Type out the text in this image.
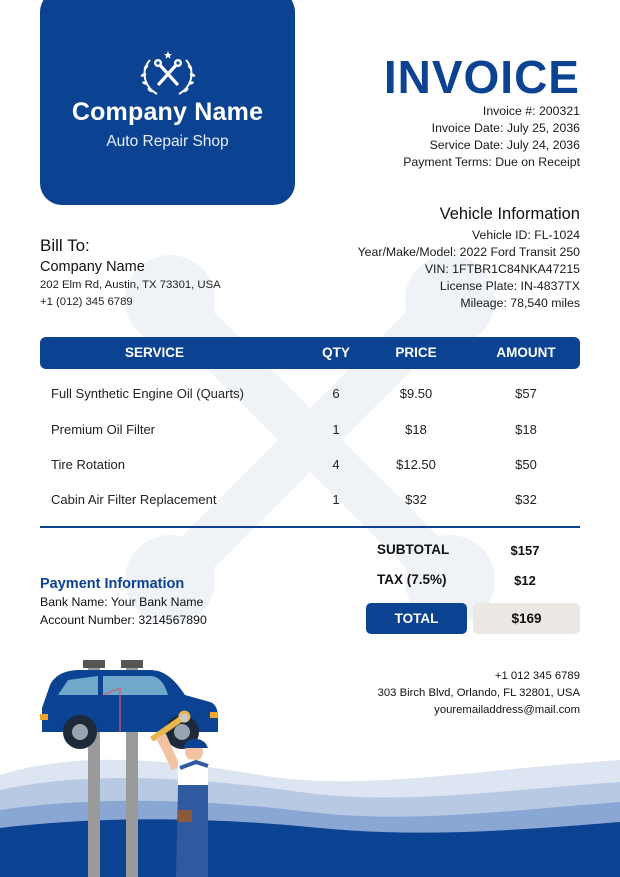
Company Name
Auto Repair Shop
INVOICE
Invoice #: 200321
Invoice Date: July 25, 2036
Service Date: July 24, 2036
Payment Terms: Due on Receipt
Vehicle Information
Vehicle ID: FL-1024
Year/Make/Model: 2022 Ford Transit 250
VIN: 1FTBR1C84NKA47215
License Plate: IN-4837TX
Mileage: 78,540 miles
Bill To:
Company Name
202 Elm Rd, Austin, TX 73301, USA
+1 (012) 345 6789
SERVICE	QTY	PRICE	AMOUNT
Full Synthetic Engine Oil (Quarts)	6	$9.50	$57
Premium Oil Filter	1	$18	$18
Tire Rotation	4	$12.50	$50
Cabin Air Filter Replacement	1	$32	$32
SUBTOTAL	$157
TAX (7.5%)	$12
TOTAL	$169
Payment Information
Bank Name: Your Bank Name
Account Number: 3214567890
+1 012 345 6789
303 Birch Blvd, Orlando, FL 32801, USA
youremailaddress@mail.com
